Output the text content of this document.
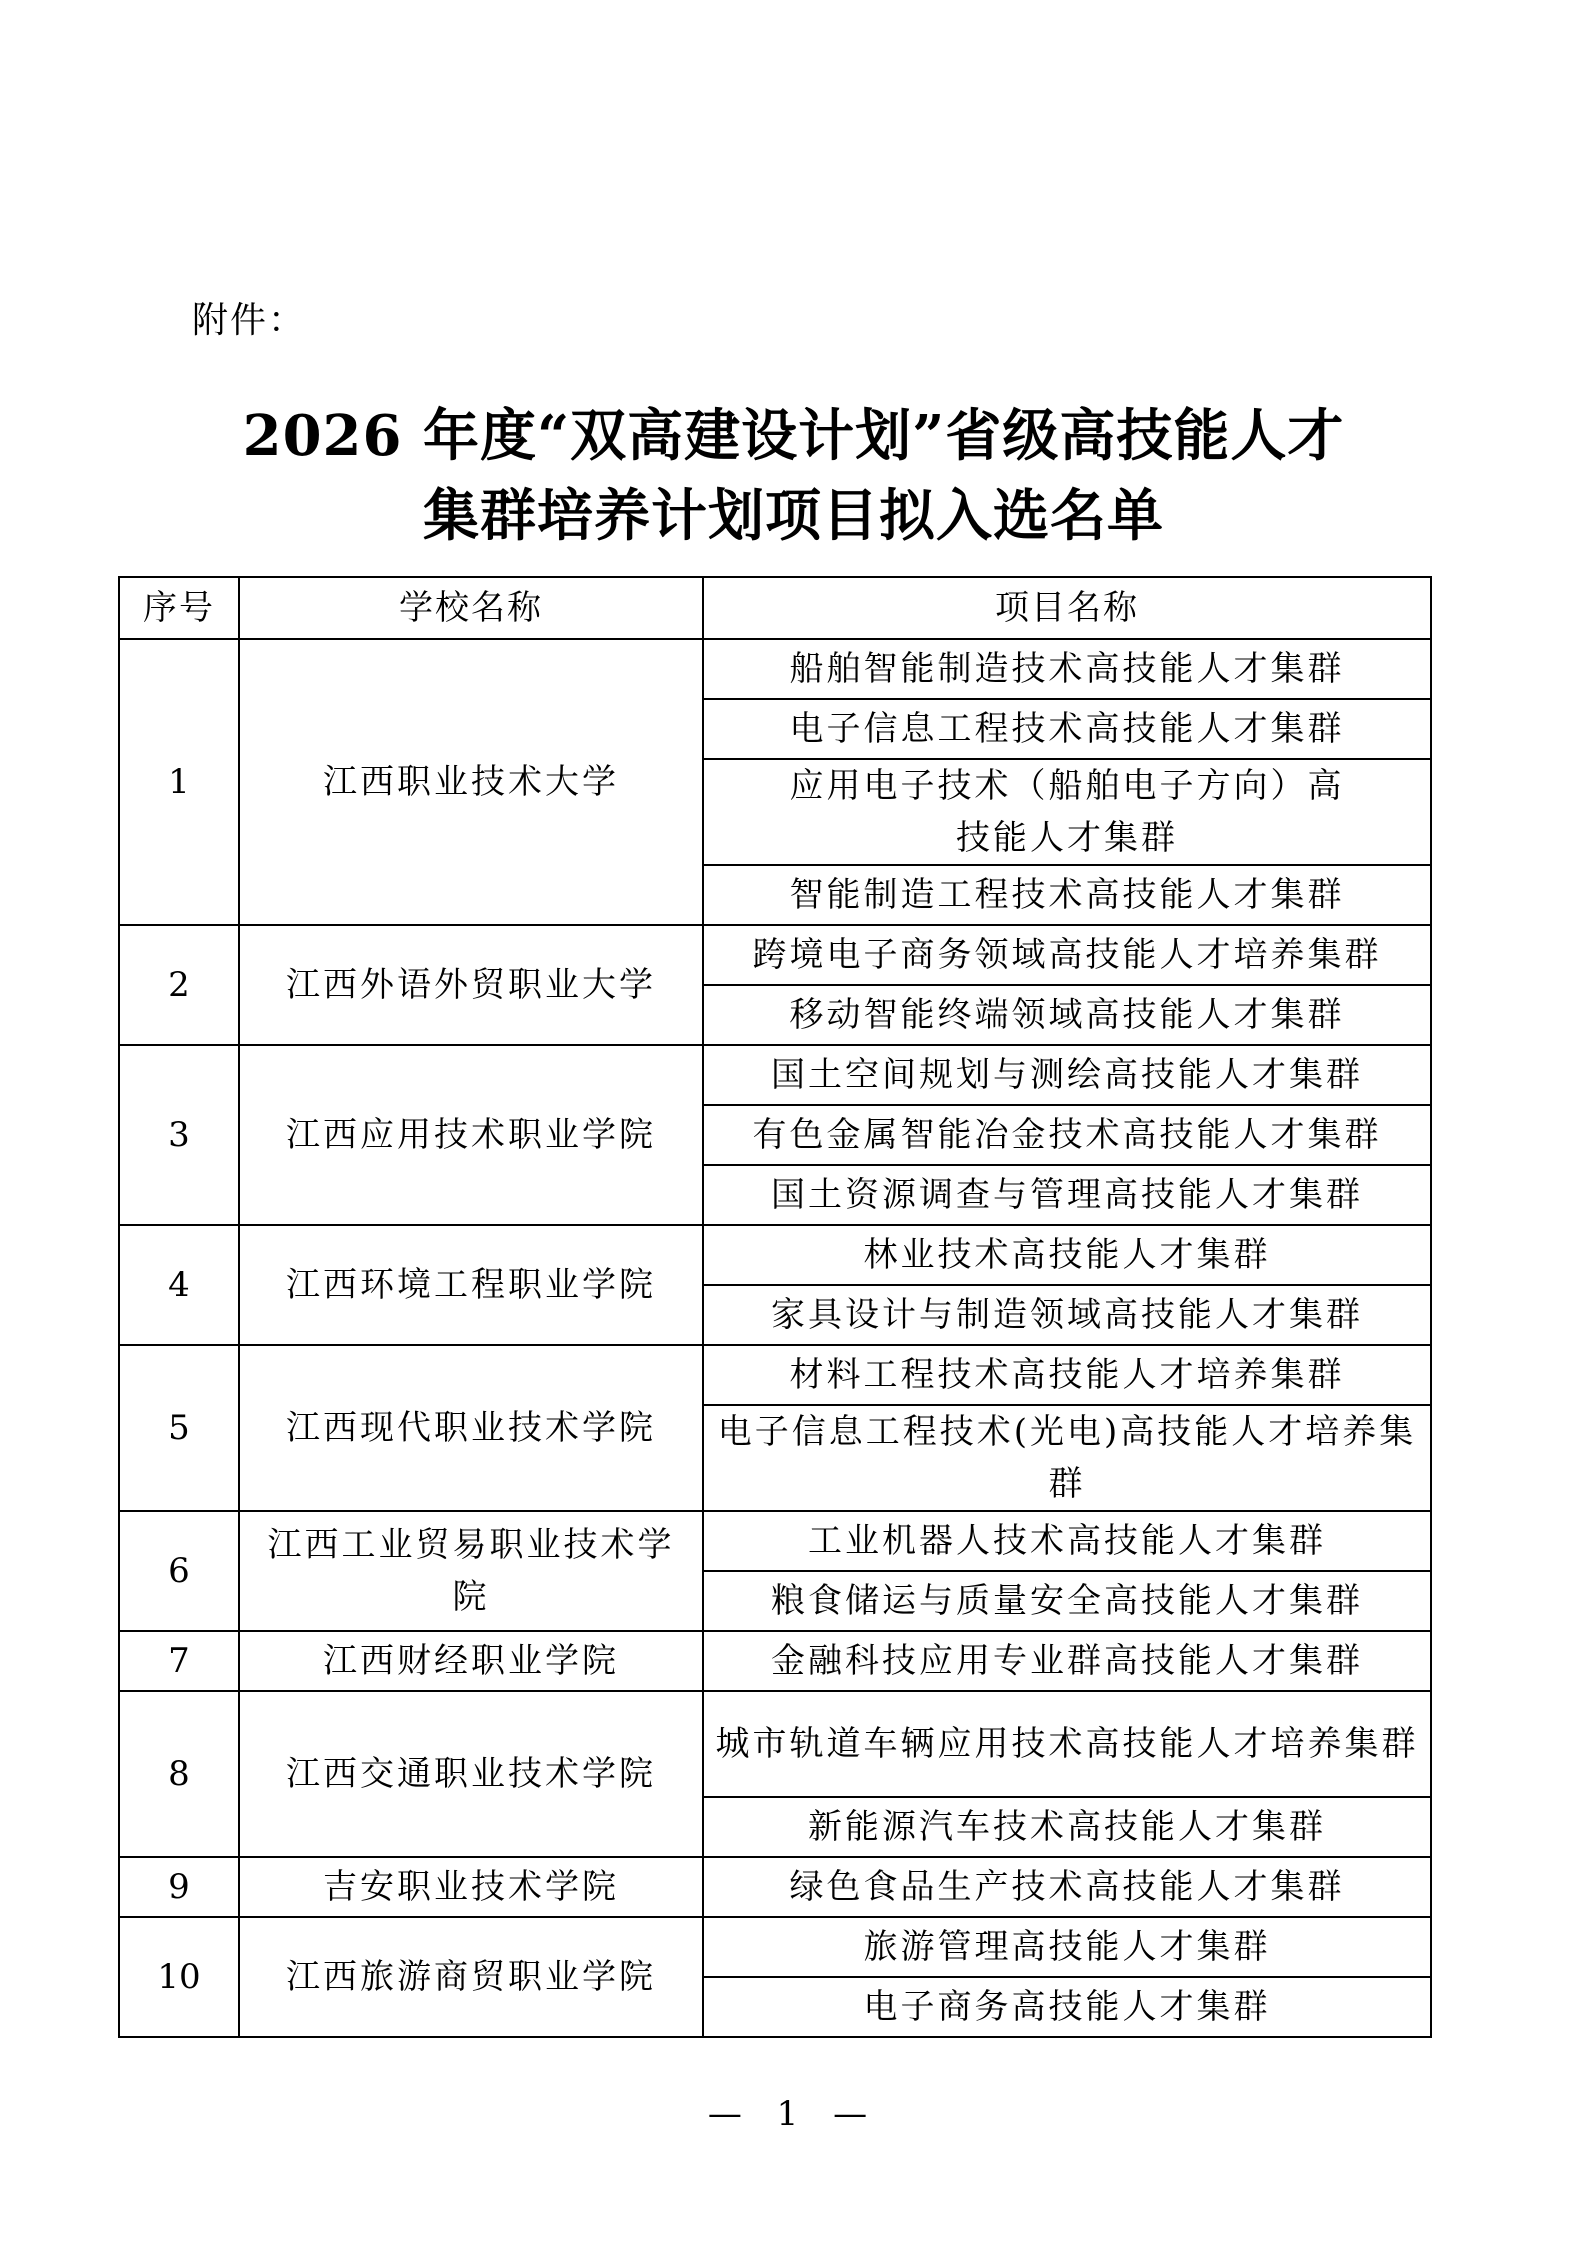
附件：
2026 年度“双高建设计划”省级高技能人才
集群培养计划项目拟入选名单
序号	学校名称	项目名称
1	江西职业技术大学	船舶智能制造技术高技能人才集群
		电子信息工程技术高技能人才集群
		应用电子技术（船舶电子方向）高技能人才集群
		智能制造工程技术高技能人才集群
2	江西外语外贸职业大学	跨境电子商务领域高技能人才培养集群
		移动智能终端领域高技能人才集群
3	江西应用技术职业学院	国土空间规划与测绘高技能人才集群
		有色金属智能冶金技术高技能人才集群
		国土资源调查与管理高技能人才集群
4	江西环境工程职业学院	林业技术高技能人才集群
		家具设计与制造领域高技能人才集群
5	江西现代职业技术学院	材料工程技术高技能人才培养集群
		电子信息工程技术(光电)高技能人才培养集群
6	江西工业贸易职业技术学院	工业机器人技术高技能人才集群
		粮食储运与质量安全高技能人才集群
7	江西财经职业学院	金融科技应用专业群高技能人才集群
8	江西交通职业技术学院	城市轨道车辆应用技术高技能人才培养集群
		新能源汽车技术高技能人才集群
9	吉安职业技术学院	绿色食品生产技术高技能人才集群
10	江西旅游商贸职业学院	旅游管理高技能人才集群
		电子商务高技能人才集群
— 1 —
